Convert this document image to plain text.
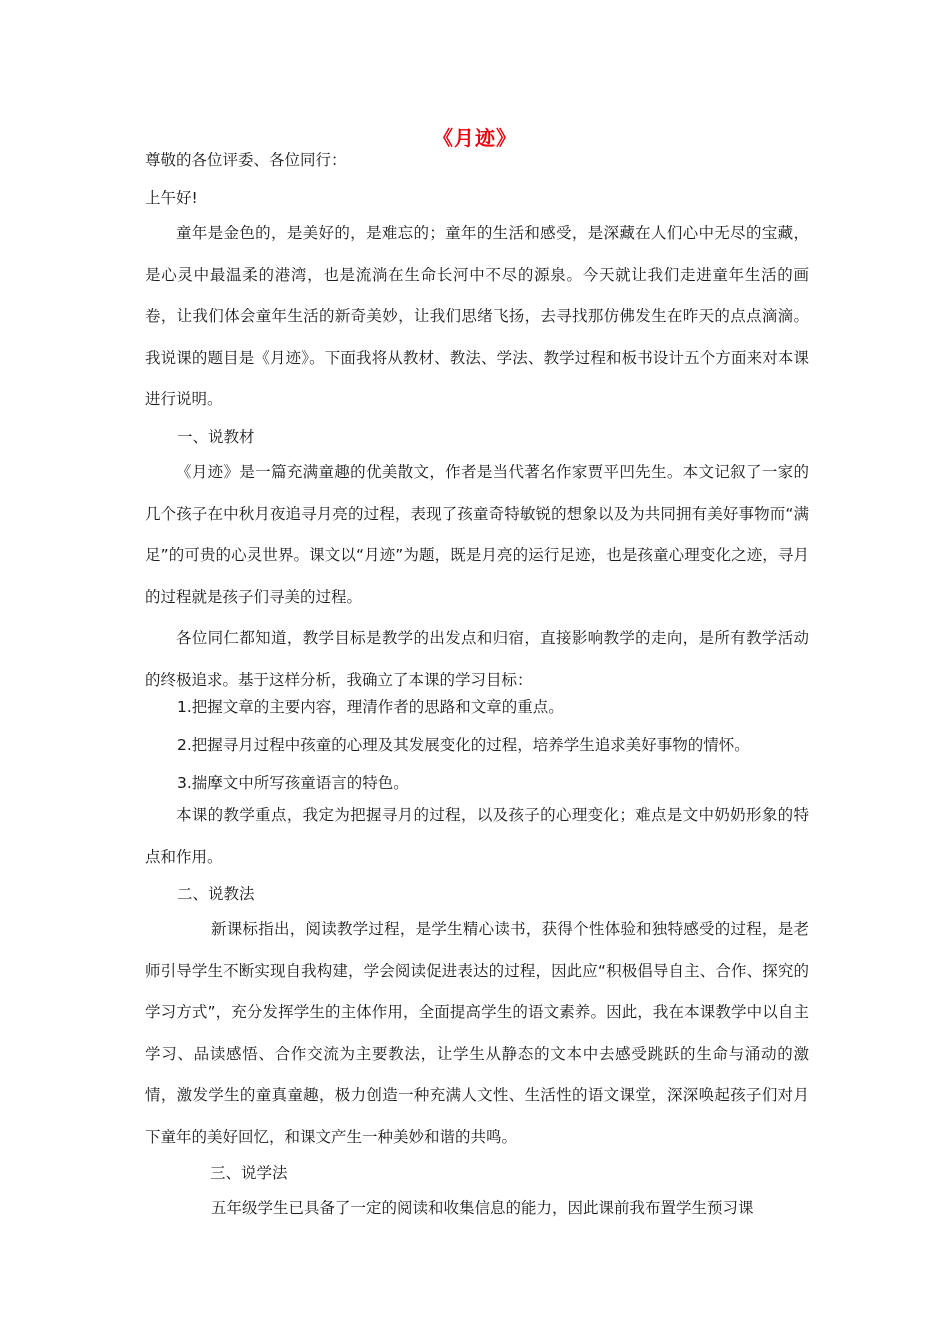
《月迹》
尊敬的各位评委、各位同行：
上午好!

童年是金色的，是美好的，是难忘的；童年的生活和感受，是深藏在人们心中无尽的宝藏，是心灵中最温柔的港湾，也是流淌在生命长河中不尽的源泉。今天就让我们走进童年生活的画卷，让我们体会童年生活的新奇美妙，让我们思绪飞扬，去寻找那仿佛发生在昨天的点点滴滴。我说课的题目是《月迹》。下面我将从教材、教法、学法、教学过程和板书设计五个方面来对本课进行说明。

一、说教材

《月迹》是一篇充满童趣的优美散文，作者是当代著名作家贾平凹先生。本文记叙了一家的几个孩子在中秋月夜追寻月亮的过程，表现了孩童奇特敏锐的想象以及为共同拥有美好事物而“满足”的可贵的心灵世界。课文以“月迹”为题，既是月亮的运行足迹，也是孩童心理变化之迹，寻月的过程就是孩子们寻美的过程。

各位同仁都知道，教学目标是教学的出发点和归宿，直接影响教学的走向，是所有教学活动的终极追求。基于这样分析，我确立了本课的学习目标：

1.把握文章的主要内容，理清作者的思路和文章的重点。
2.把握寻月过程中孩童的心理及其发展变化的过程，培养学生追求美好事物的情怀。
3.揣摩文中所写孩童语言的特色。

本课的教学重点，我定为把握寻月的过程，以及孩子的心理变化；难点是文中奶奶形象的特点和作用。

二、说教法

新课标指出，阅读教学过程，是学生精心读书，获得个性体验和独特感受的过程，是老师引导学生不断实现自我构建，学会阅读促进表达的过程，因此应“积极倡导自主、合作、探究的学习方式”，充分发挥学生的主体作用，全面提高学生的语文素养。因此，我在本课教学中以自主学习、品读感悟、合作交流为主要教法，让学生从静态的文本中去感受跳跃的生命与涌动的激情，激发学生的童真童趣，极力创造一种充满人文性、生活性的语文课堂，深深唤起孩子们对月下童年的美好回忆，和课文产生一种美妙和谐的共鸣。

三、说学法

五年级学生已具备了一定的阅读和收集信息的能力，因此课前我布置学生预习课
